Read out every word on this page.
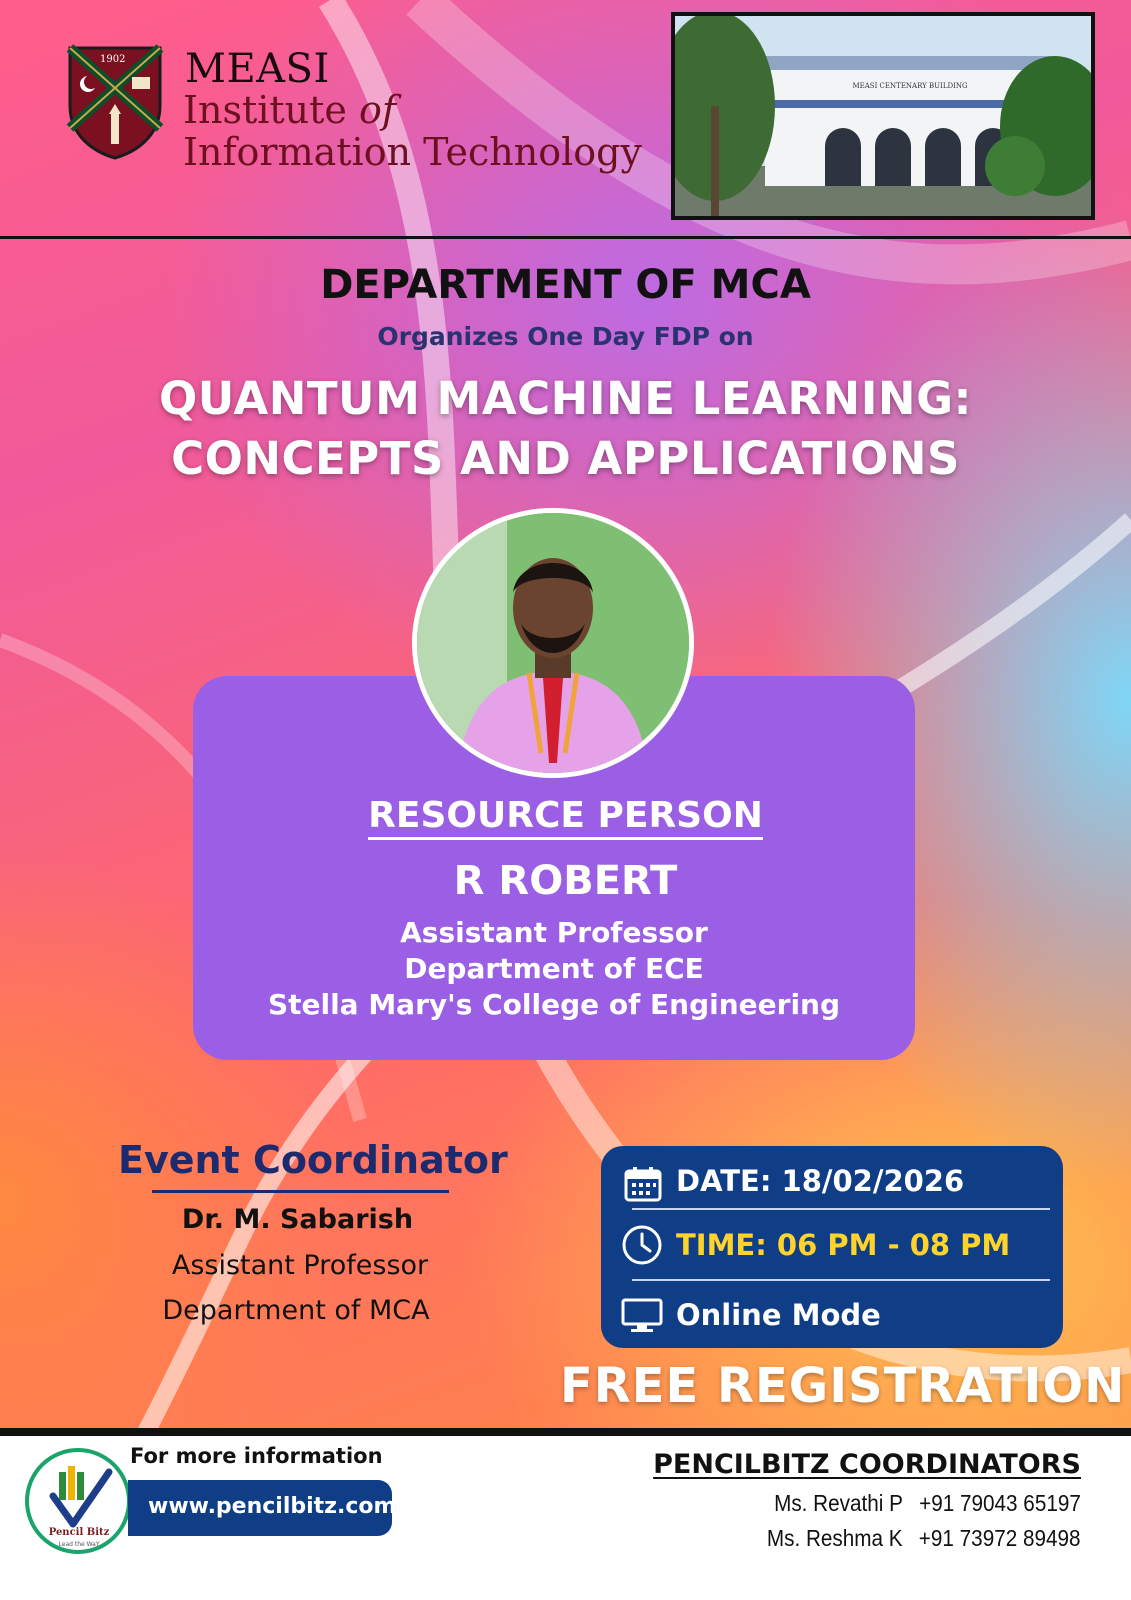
1902 MEASI
Institute of
Information Technology
MEASI CENTENARY BUILDING
DEPARTMENT OF MCA
Organizes One Day FDP on
QUANTUM MACHINE LEARNING:
CONCEPTS AND APPLICATIONS
RESOURCE PERSON
R ROBERT
Assistant Professor
Department of ECE
Stella Mary's College of Engineering
Event Coordinator
Dr. M. Sabarish
Assistant Professor
Department of MCA
DATE: 18/02/2026
TIME: 06 PM - 08 PM
Online Mode
FREE REGISTRATION
Pencil Bitz
Lead the WaY
For more information
www.pencilbitz.com
PENCILBITZ COORDINATORS
Ms. Revathi P +91 79043 65197
Ms. Reshma K +91 73972 89498
